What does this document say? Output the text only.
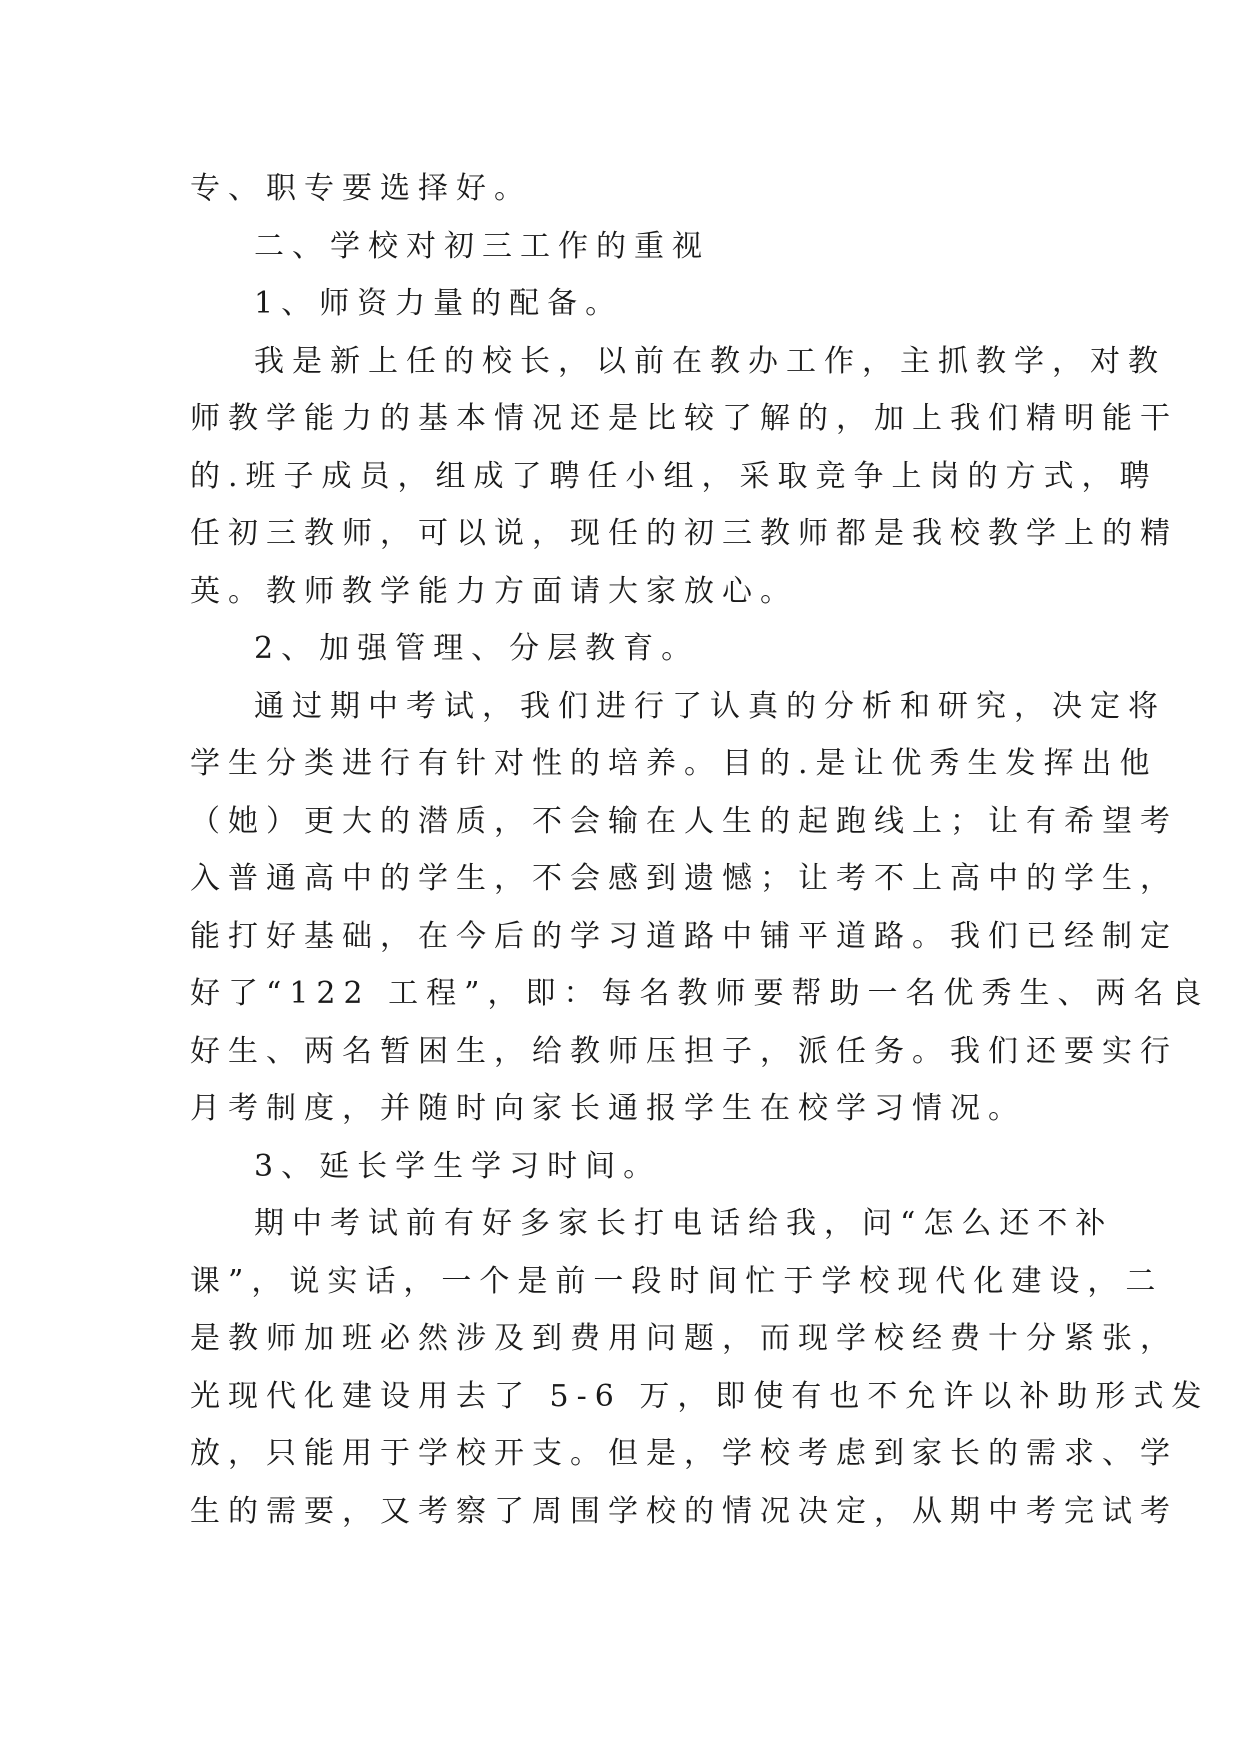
专、职专要选择好。
二、学校对初三工作的重视
1、师资力量的配备。
我是新上任的校长，以前在教办工作，主抓教学，对教
师教学能力的基本情况还是比较了解的，加上我们精明能干
的.班子成员，组成了聘任小组，采取竞争上岗的方式，聘
任初三教师，可以说，现任的初三教师都是我校教学上的精
英。教师教学能力方面请大家放心。
2、加强管理、分层教育。
通过期中考试，我们进行了认真的分析和研究，决定将
学生分类进行有针对性的培养。目的.是让优秀生发挥出他
（她）更大的潜质，不会输在人生的起跑线上；让有希望考
入普通高中的学生，不会感到遗憾；让考不上高中的学生，
能打好基础，在今后的学习道路中铺平道路。我们已经制定
好了“122 工程”，即：每名教师要帮助一名优秀生、两名良
好生、两名暂困生，给教师压担子，派任务。我们还要实行
月考制度，并随时向家长通报学生在校学习情况。
3、延长学生学习时间。
期中考试前有好多家长打电话给我，问“怎么还不补
课”，说实话，一个是前一段时间忙于学校现代化建设，二
是教师加班必然涉及到费用问题，而现学校经费十分紧张，
光现代化建设用去了 5-6 万，即使有也不允许以补助形式发
放，只能用于学校开支。但是，学校考虑到家长的需求、学
生的需要，又考察了周围学校的情况决定，从期中考完试考
